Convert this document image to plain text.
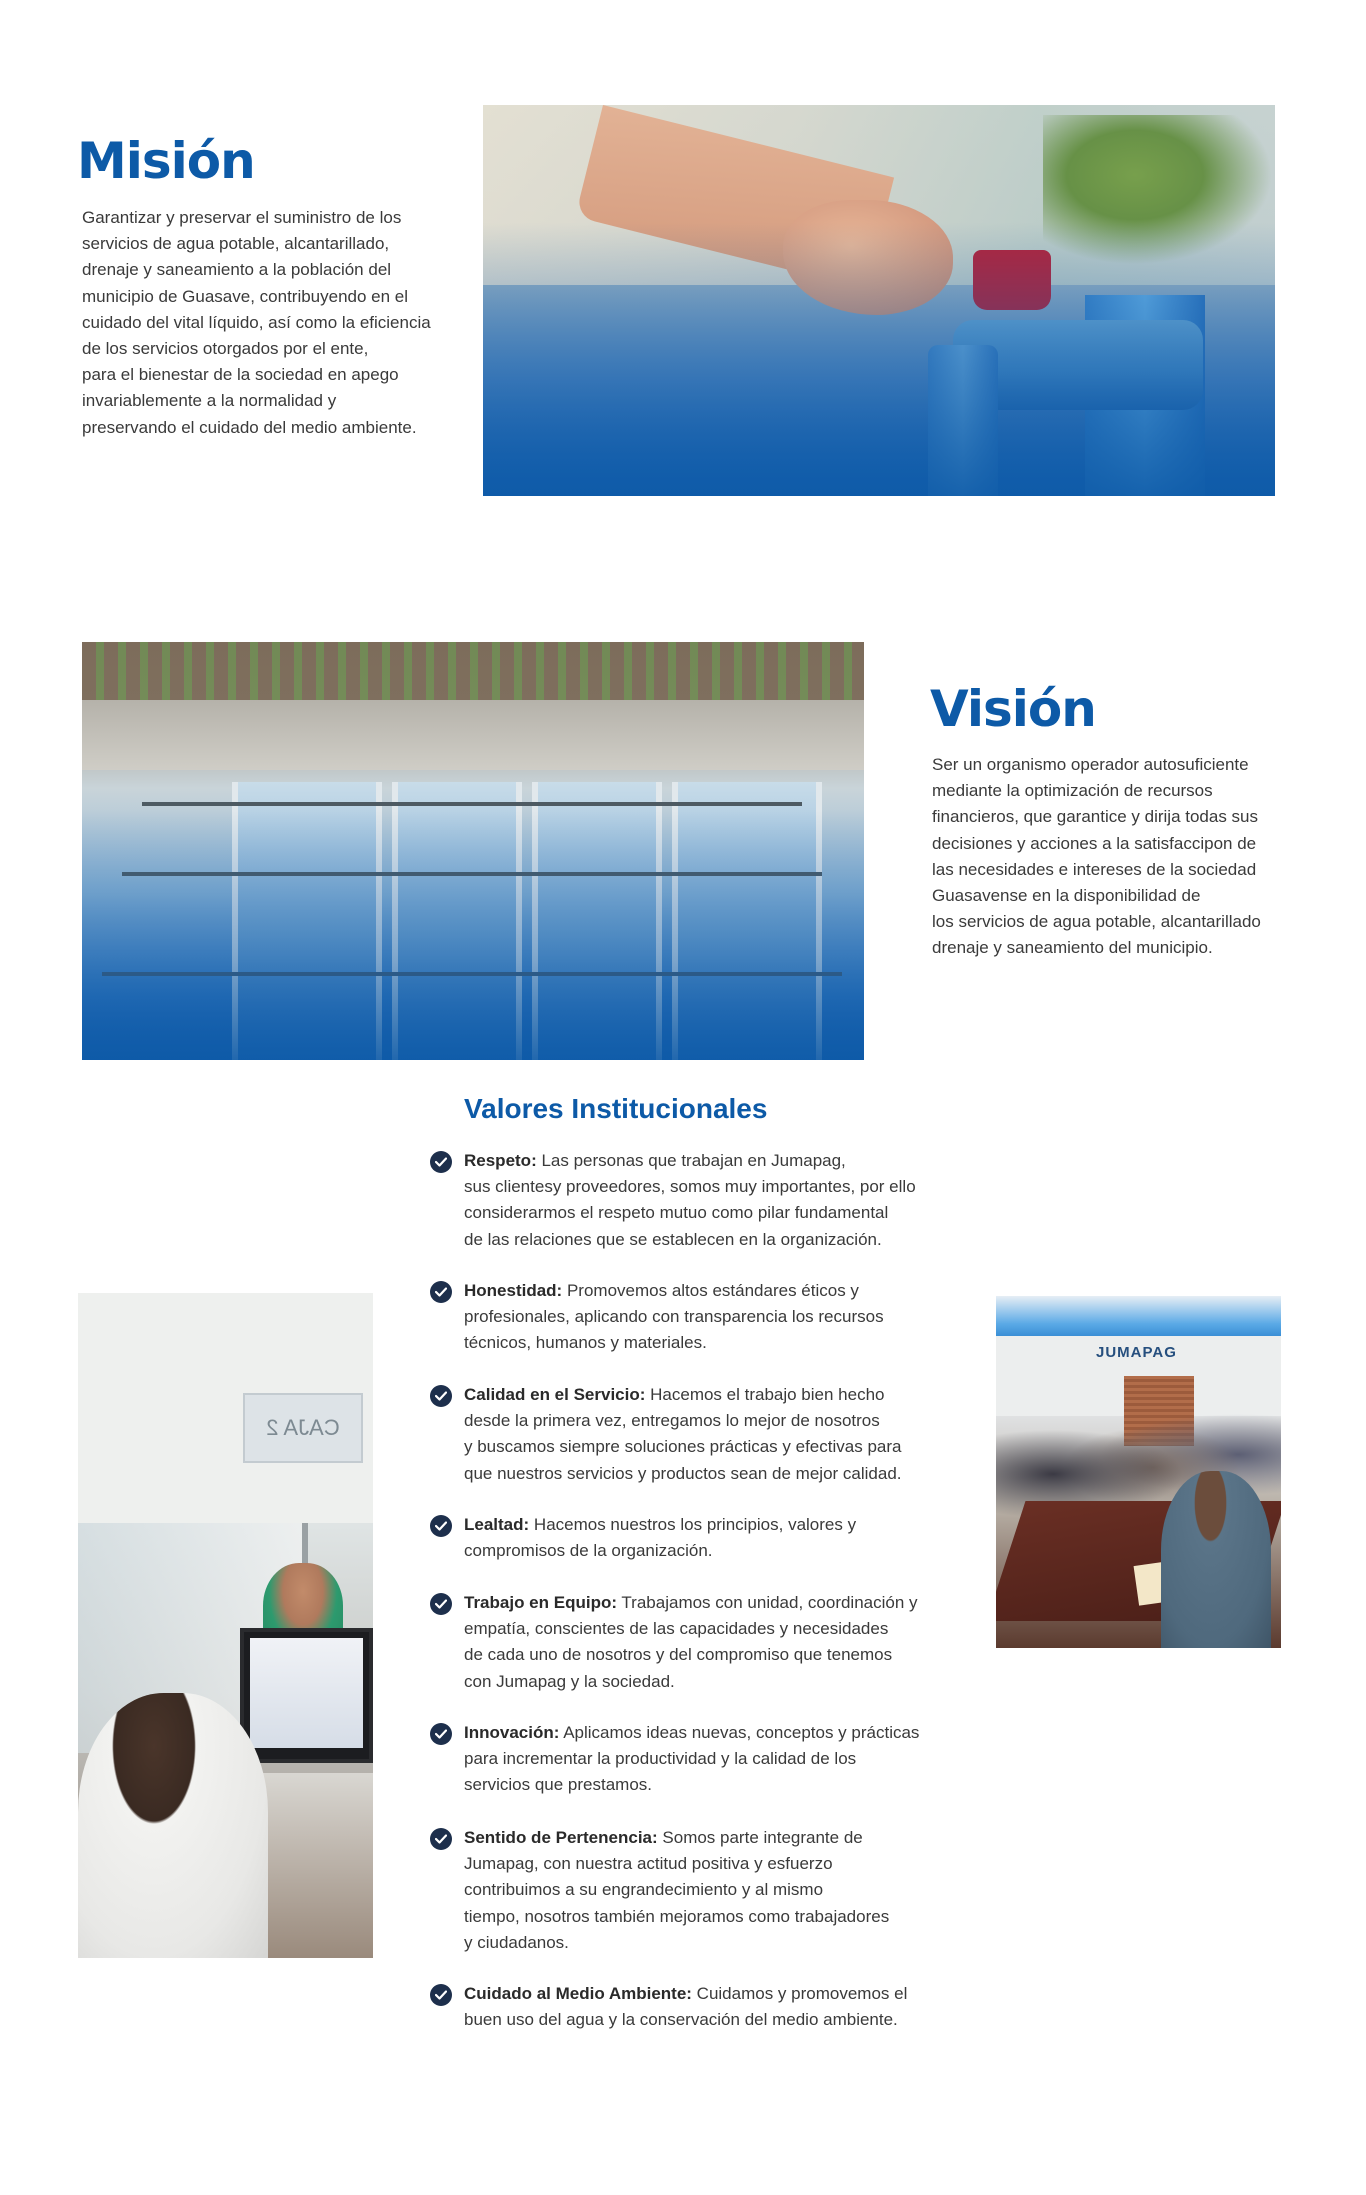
Misión

Garantizar y preservar el suministro de los
servicios de agua potable, alcantarillado,
drenaje y saneamiento a la población del
municipio de Guasave, contribuyendo en el
cuidado del vital líquido, así como la eficiencia
de los servicios otorgados por el ente,
para el bienestar de la sociedad en apego
invariablemente a la normalidad y
preservando el cuidado del medio ambiente.

Visión

Ser un organismo operador autosuficiente
mediante la optimización de recursos
financieros, que garantice y dirija todas sus
decisiones y acciones a la satisfaccipon de
las necesidades e intereses de la sociedad
Guasavense en la disponibilidad de
los servicios de agua potable, alcantarillado
drenaje y saneamiento del municipio.

Valores Institucionales
Respeto: Las personas que trabajan en Jumapag,
sus clientesy proveedores, somos muy importantes, por ello
considerarmos el respeto mutuo como pilar fundamental
de las relaciones que se establecen en la organización.
Honestidad: Promovemos altos estándares éticos y
profesionales, aplicando con transparencia los recursos
técnicos, humanos y materiales.
Calidad en el Servicio: Hacemos el trabajo bien hecho
desde la primera vez, entregamos lo mejor de nosotros
y buscamos siempre soluciones prácticas y efectivas para
que nuestros servicios y productos sean de mejor calidad.
Lealtad: Hacemos nuestros los principios, valores y
compromisos de la organización.
Trabajo en Equipo: Trabajamos con unidad, coordinación y
empatía, conscientes de las capacidades y necesidades
de cada uno de nosotros y del compromiso que tenemos
con Jumapag y la sociedad.
Innovación: Aplicamos ideas nuevas, conceptos y prácticas
para incrementar la productividad y la calidad de los
servicios que prestamos.
Sentido de Pertenencia: Somos parte integrante de
Jumapag, con nuestra actitud positiva y esfuerzo
contribuimos a su engrandecimiento y al mismo
tiempo, nosotros también mejoramos como trabajadores
y ciudadanos.
Cuidado al Medio Ambiente: Cuidamos y promovemos el
buen uso del agua y la conservación del medio ambiente.
CAJA 2
JUMAPAG
